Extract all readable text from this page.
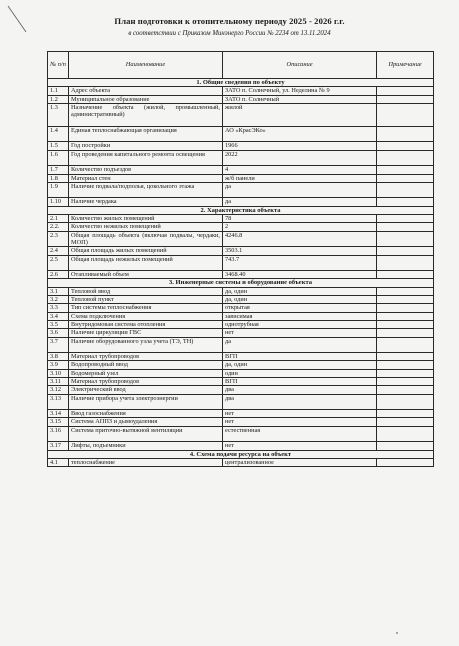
План подготовки к отопительному периоду 2025 - 2026 г.г.
в соответствии с Приказом Минэнерго России № 2234 от 13.11.2024
№ п/п	Наименование	Описание	Примечание
1. Общие сведения по объекту			
1.1	Адрес объекта	ЗАТО п. Солнечный, ул. Неделина № 9	
1.2	Муниципальное образование	ЗАТО п. Солнечный	
1.3	Назначение объекта (жилой, промышленный, административный)	жилой	
1.4	Единая теплоснабжающая организация	АО «КрасЭКо»	
1.5	Год постройки	1966	
1.6	Год проведения капитального ремонта освещения	2022	
1.7	Количество подъездов	4	
1.8	Материал стен	ж/б панели	
1.9	Наличие подвала/подполья, цокольного этажа	да	
1.10	Наличие чердака	да	
2. Характеристика объекта			
2.1	Количество жилых помещений	78	
2.2.	Количество нежилых помещений	2	
2.3	Общая площадь объекта (включая подвалы, чердаки, МОП)	4246.8	
2.4	Общая площадь жилых помещений	3503.1	
2.5	Общая площадь нежилых помещений	743.7	
2.6	Отапливаемый объем	3468.40	
3. Инженерные системы и оборудование объекта			
3.1	Тепловой ввод	да, один	
3.2	Тепловой пункт	да, один	
3.3	Тип системы теплоснабжения	открытая	
3.4	Схема подключения	зависимая	
3.5	Внутридомовая система отопления	однотрубная	
3.6	Наличие циркуляции ГВС	нет	
3.7	Наличие оборудованного узла учета (ТЭ, ТН)	да	
3.8	Материал трубопроводов	ВГП	
3.9	Водопроводный ввод	да, один	
3.10	Водомерный узел	один	
3.11	Материал трубопроводов	ВГП	
3.12	Электрический ввод	два	
3.13	Наличие прибора учета электроэнергии	два	
3.14	Ввод газоснабжения	нет	
3.15	Система АППЗ и дымоудаления	нет	
3.16	Система приточно-вытяжной вентиляции	естественная	
3.17	Лифты, подъемники	нет	
4. Схема подачи ресурса на объект			
4.1	теплоснабжение	централизованное	
